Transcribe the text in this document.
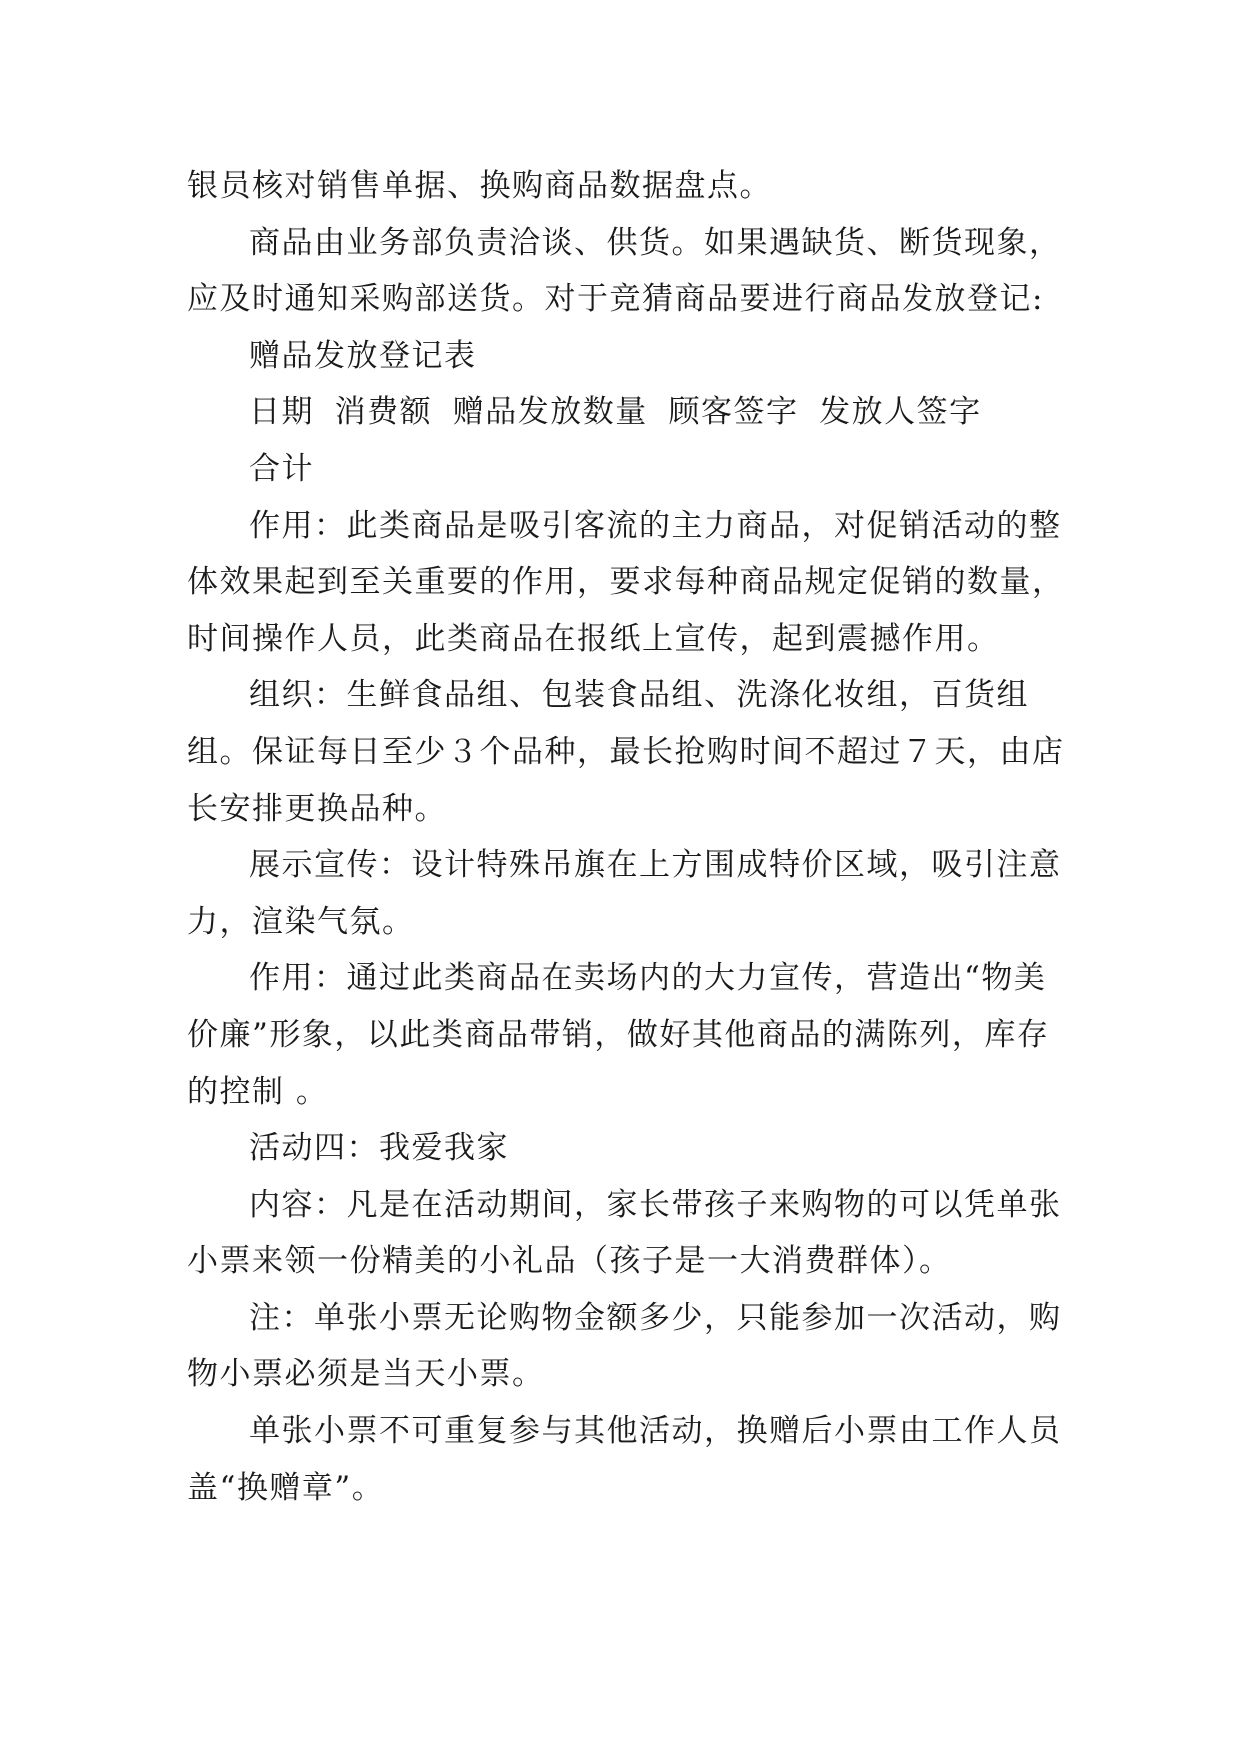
银员核对销售单据、换购商品数据盘点。

商品由业务部负责洽谈、供货。如果遇缺货、断货现象，应及时通知采购部送货。对于竞猜商品要进行商品发放登记:

赠品发放登记表

日期 消费额 赠品发放数量 顾客签字 发放人签字

合计

作用：此类商品是吸引客流的主力商品，对促销活动的整体效果起到至关重要的作用，要求每种商品规定促销的数量，时间操作人员，此类商品在报纸上宣传，起到震撼作用。

组织：生鲜食品组、包装食品组、洗涤化妆组，百货组组。保证每日至少３个品种，最长抢购时间不超过７天，由店长安排更换品种。

展示宣传：设计特殊吊旗在上方围成特价区域，吸引注意力，渲染气氛。

作用：通过此类商品在卖场内的大力宣传，营造出“物美价廉”形象，以此类商品带销，做好其他商品的满陈列，库存的控制 。

活动四：我爱我家

内容：凡是在活动期间，家长带孩子来购物的可以凭单张小票来领一份精美的小礼品（孩子是一大消费群体）。

注：单张小票无论购物金额多少，只能参加一次活动，购物小票必须是当天小票。

单张小票不可重复参与其他活动，换赠后小票由工作人员盖“换赠章”。
